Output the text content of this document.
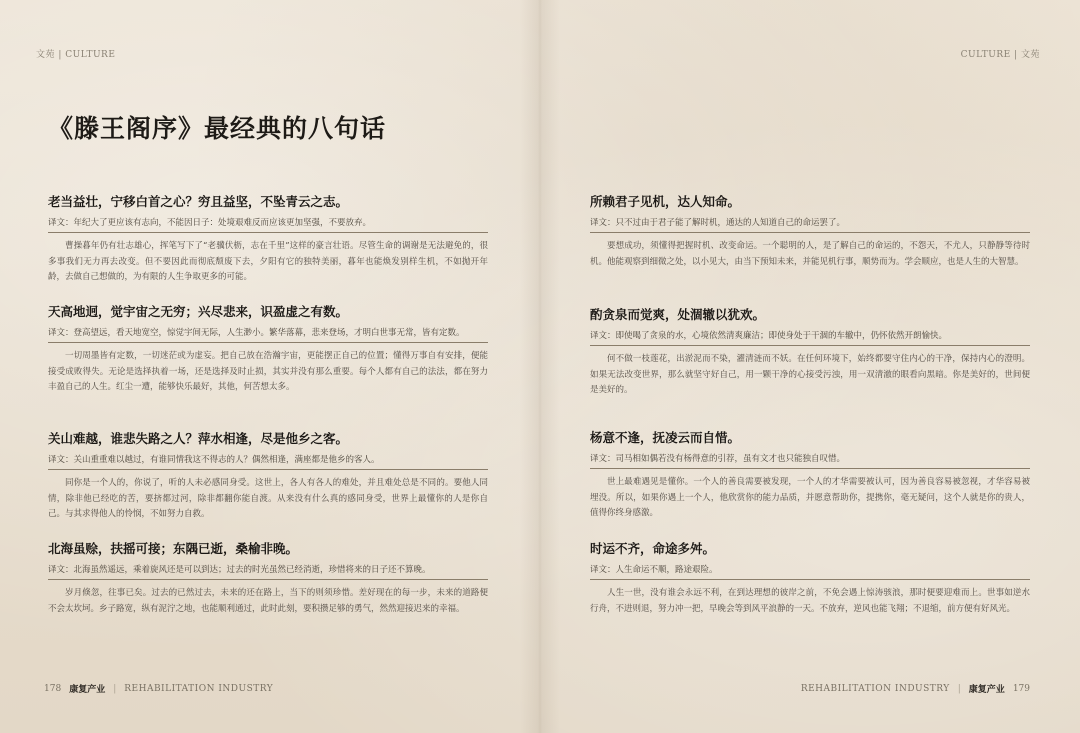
文苑 | CULTURE	CULTURE | 文苑
《滕王阁序》最经典的八句话
老当益壮，宁移白首之心？穷且益坚，不坠青云之志。
译文：年纪大了更应该有志向，不能因日子：处境艰难反而应该更加坚强，不要放弃。
曹操暮年仍有壮志雄心，挥笔写下了“老骥伏枥，志在千里”这样的豪言壮语。尽管生命的调谢是无法避免的，很多事我们无力再去改变。但不要因此而彻底颓废下去，夕阳有它的独特美丽，暮年也能焕发别样生机，不如抛开年龄，去做自己想做的，为有限的人生争取更多的可能。
天高地迥，觉宇宙之无穷；兴尽悲来，识盈虚之有数。
译文：登高望远，看天地宽空，惊觉宇间无际，人生渺小。繁华落幕，悲来登场，才明白世事无常，皆有定数。
一切周墨皆有定数，一切迷茫或为虚妄。把自己放在浩瀚宇宙，更能摆正自己的位置；懂得万事自有安排，便能接受成败得失。无论是选择执着一场，还是选择及时止损，其实并没有那么重要。每个人都有自己的法法，都在努力丰盈自己的人生。红尘一遭，能够快乐最好，其他，何苦想太多。
关山难越，谁悲失路之人？萍水相逢，尽是他乡之客。
译文：关山重重难以越过，有谁同情我这不得志的人？偶然相逢，满座都是他乡的客人。
同你是一个人的，你说了，听的人未必感同身受。这世上，各人有各人的难处，并且难处总是不同的。要他人同情，除非他已经吃的苦，要挤都过河，除非都翻你能自渡。从来没有什么真的感同身受，世界上最懂你的人是你自己。与其求得他人的怜悯，不如努力自救。
北海虽赊，扶摇可接；东隅已逝，桑榆非晚。
译文：北海虽然遥远，乘着旋风还是可以到达；过去的时光虽然已经消逝，珍惜将来的日子还不算晚。
岁月倏忽，往事已矣。过去的已然过去，未来的还在路上，当下的则须珍惜。差好现在的每一步，未来的道路便不会太坎坷。乡子路宽，纵有泥泞之地，也能顺利通过，此时此刻，要积攒足够的勇气，然然迎接迟来的幸福。
所赖君子见机，达人知命。
译文：只不过由于君子能了解时机，通达的人知道自己的命运罢了。
要想成功，须懂得把握时机、改变命运。一个聪明的人，是了解自己的命运的，不怨天，不尤人，只静静等待时机。他能观察到细微之处，以小见大，由当下预知未来，并能见机行事，顺势而为。学会顺应，也是人生的大智慧。
酌贪泉而觉爽，处涸辙以犹欢。
译文：即使喝了贪泉的水，心境依然清爽廉洁；即使身处于干涸的车辙中，仍怀依然开朗愉快。
何不做一枝莲花，出淤泥而不染，濯清涟而不妖。在任何环境下，始终都要守住内心的干净，保持内心的澄明。如果无法改变世界，那么就坚守好自己，用一颗干净的心接受污浊，用一双清澈的眼看向黑暗。你是美好的，世间便是美好的。
杨意不逢，抚凌云而自惜。
译文：司马相如偶若没有杨得意的引荐，虽有文才也只能独自叹惜。
世上最难遇见是懂你。一个人的善良需要被发现，一个人的才华需要被认可，因为善良容易被忽视，才华容易被埋没。所以，如果你遇上一个人，他欣赏你的能力品质，并愿意帮助你，提携你，毫无疑问，这个人就是你的贵人，值得你终身感激。
时运不齐，命途多舛。
译文：人生命运不顺，路途艰险。
人生一世，没有谁会永远不利，在到达理想的彼岸之前，不免会遇上惊涛骇浪，那时便要迎难而上。世事如逆水行舟，不进则退，努力冲一把，早晚会等到风平浪静的一天。不放弃，逆风也能飞翔；不退缩，前方便有好风光。
178 康复产业 | REHABILITATION INDUSTRY	REHABILITATION INDUSTRY | 康复产业 179
